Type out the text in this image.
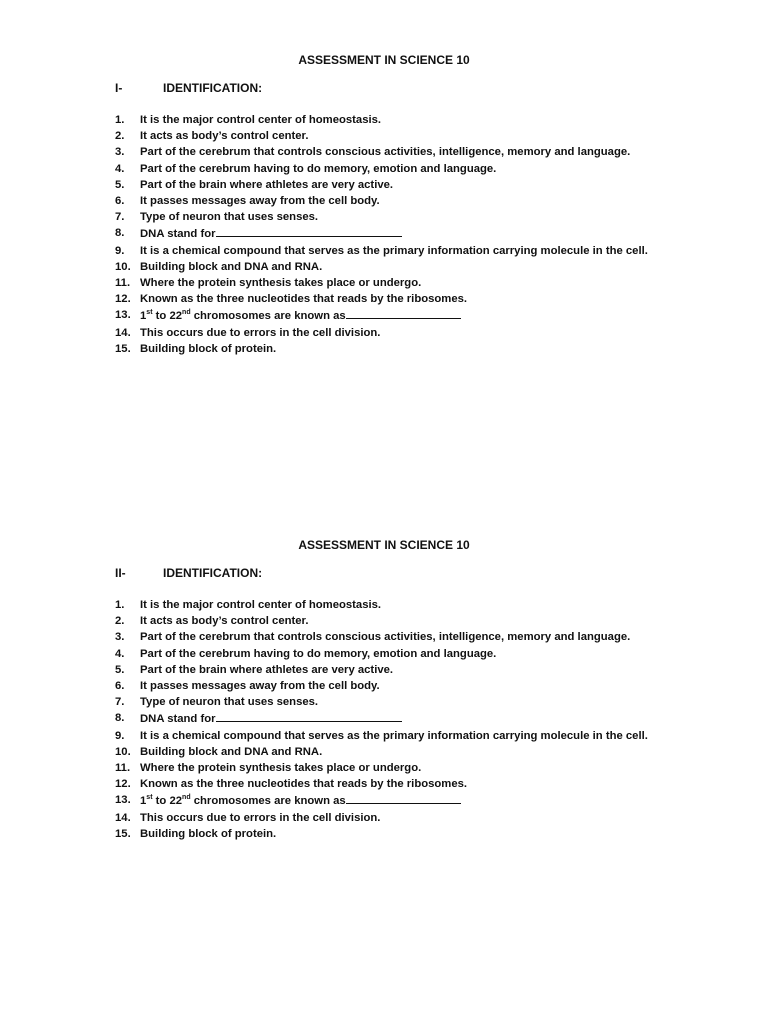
ASSESSMENT IN SCIENCE 10

I-	IDENTIFICATION:
1.	It is the major control center of homeostasis.
2.	It acts as body’s control center.
3.	Part of the cerebrum that controls conscious activities, intelligence, memory and language.
4.	Part of the cerebrum having to do memory, emotion and language.
5.	Part of the brain where athletes are very active.
6.	It passes messages away from the cell body.
7.	Type of neuron that uses senses.
8.	DNA stand for
9.	It is a chemical compound that serves as the primary information carrying molecule in the cell.
10. Building block and DNA and RNA.
11. Where the protein synthesis takes place or undergo.
12. Known as the three nucleotides that reads by the ribosomes.
13. 1st to 22nd chromosomes are known as
14. This occurs due to errors in the cell division.
15. Building block of protein.

ASSESSMENT IN SCIENCE 10

II-	IDENTIFICATION:
1.	It is the major control center of homeostasis.
2.	It acts as body’s control center.
3.	Part of the cerebrum that controls conscious activities, intelligence, memory and language.
4.	Part of the cerebrum having to do memory, emotion and language.
5.	Part of the brain where athletes are very active.
6.	It passes messages away from the cell body.
7.	Type of neuron that uses senses.
8.	DNA stand for
9.	It is a chemical compound that serves as the primary information carrying molecule in the cell.
10. Building block and DNA and RNA.
11. Where the protein synthesis takes place or undergo.
12. Known as the three nucleotides that reads by the ribosomes.
13. 1st to 22nd chromosomes are known as
14. This occurs due to errors in the cell division.
15. Building block of protein.
